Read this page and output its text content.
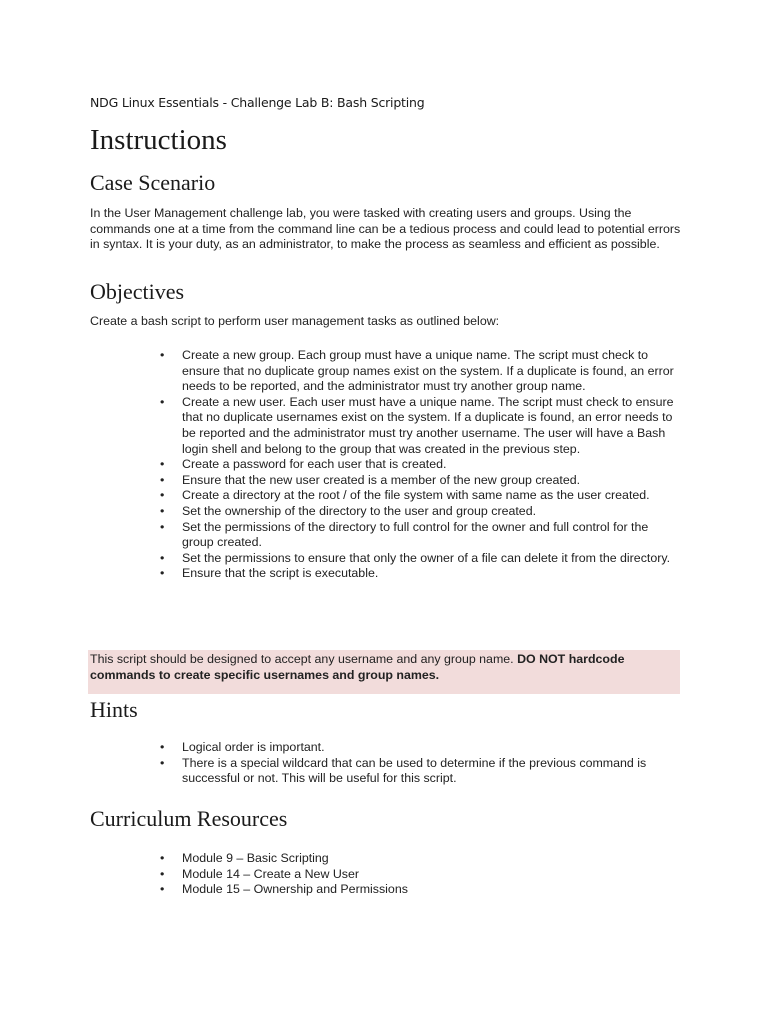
NDG Linux Essentials - Challenge Lab B: Bash Scripting
Instructions
Case Scenario

In the User Management challenge lab, you were tasked with creating users and groups. Using the commands one at a time from the command line can be a tedious process and could lead to potential errors in syntax. It is your duty, as an administrator, to make the process as seamless and efficient as possible.

Objectives

Create a bash script to perform user management tasks as outlined below:

• Create a new group. Each group must have a unique name. The script must check to ensure that no duplicate group names exist on the system. If a duplicate is found, an error needs to be reported, and the administrator must try another group name.
• Create a new user. Each user must have a unique name. The script must check to ensure that no duplicate usernames exist on the system. If a duplicate is found, an error needs to be reported and the administrator must try another username. The user will have a Bash login shell and belong to the group that was created in the previous step.
• Create a password for each user that is created.
• Ensure that the new user created is a member of the new group created.
• Create a directory at the root / of the file system with same name as the user created.
• Set the ownership of the directory to the user and group created.
• Set the permissions of the directory to full control for the owner and full control for the group created.
• Set the permissions to ensure that only the owner of a file can delete it from the directory.
• Ensure that the script is executable.
This script should be designed to accept any username and any group name. DO NOT hardcode commands to create specific usernames and group names.
Hints
• Logical order is important.
• There is a special wildcard that can be used to determine if the previous command is successful or not. This will be useful for this script.
Curriculum Resources
• Module 9 – Basic Scripting
• Module 14 – Create a New User
• Module 15 – Ownership and Permissions
